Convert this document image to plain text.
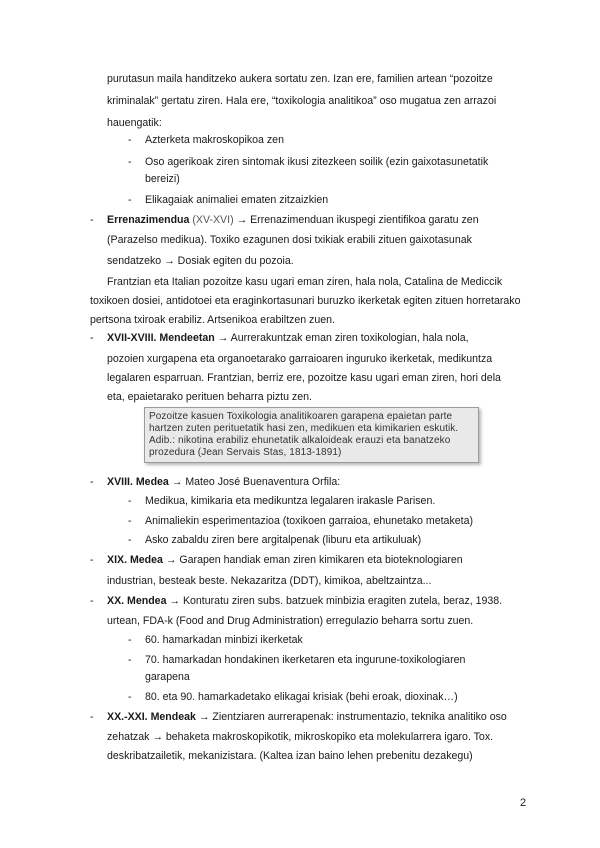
purutasun maila handitzeko aukera sortatu zen. Izan ere, familien artean “pozoitze
kriminalak” gertatu ziren. Hala ere, “toxikologia analitikoa” oso mugatua zen arrazoi
hauengatik:
- Azterketa makroskopikoa zen
- Oso agerikoak ziren sintomak ikusi zitezkeen soilik (ezin gaixotasunetatik
bereizi)
- Elikagaiak animaliei ematen zitzaizkien
- Errenazimendua (XV-XVI) → Errenazimenduan ikuspegi zientifikoa garatu zen
(Parazelso medikua). Toxiko ezagunen dosi txikiak erabili zituen gaixotasunak
sendatzeko → Dosiak egiten du pozoia.
Frantzian eta Italian pozoitze kasu ugari eman ziren, hala nola, Catalina de Mediccik
toxikoen dosiei, antidotoei eta eraginkortasunari buruzko ikerketak egiten zituen horretarako
pertsona txiroak erabiliz. Artsenikoa erabiltzen zuen.
- XVII-XVIII. Mendeetan → Aurrerakuntzak eman ziren toxikologian, hala nola,
pozoien xurgapena eta organoetarako garraioaren inguruko ikerketak, medikuntza
legalaren esparruan. Frantzian, berriz ere, pozoitze kasu ugari eman ziren, hori dela
eta, epaietarako perituen beharra piztu zen.
Pozoitze kasuen Toxikologia analitikoaren garapena epaietan parte
hartzen zuten perituetatik hasi zen, medikuen eta kimikarien eskutik.
Adib.: nikotina erabiliz ehunetatik alkaloideak erauzi eta banatzeko
prozedura (Jean Servais Stas, 1813-1891)
- XVIII. Medea → Mateo José Buenaventura Orfila:
- Medikua, kimikaria eta medikuntza legalaren irakasle Parisen.
- Animaliekin esperimentazioa (toxikoen garraioa, ehunetako metaketa)
- Asko zabaldu ziren bere argitalpenak (liburu eta artikuluak)
- XIX. Medea → Garapen handiak eman ziren kimikaren eta bioteknologiaren
industrian, besteak beste. Nekazaritza (DDT), kimikoa, abeltzaintza...
- XX. Mendea → Konturatu ziren subs. batzuek minbizia eragiten zutela, beraz, 1938.
urtean, FDA-k (Food and Drug Administration) erregulazio beharra sortu zuen.
- 60. hamarkadan minbizi ikerketak
- 70. hamarkadan hondakinen ikerketaren eta ingurune-toxikologiaren
garapena
- 80. eta 90. hamarkadetako elikagai krisiak (behi eroak, dioxinak…)
- XX.-XXI. Mendeak → Zientziaren aurrerapenak: instrumentazio, teknika analitiko oso
zehatzak → behaketa makroskopikotik, mikroskopiko eta molekularrera igaro. Tox.
deskribatzailetik, mekanizistara. (Kaltea izan baino lehen prebenitu dezakegu)
2
